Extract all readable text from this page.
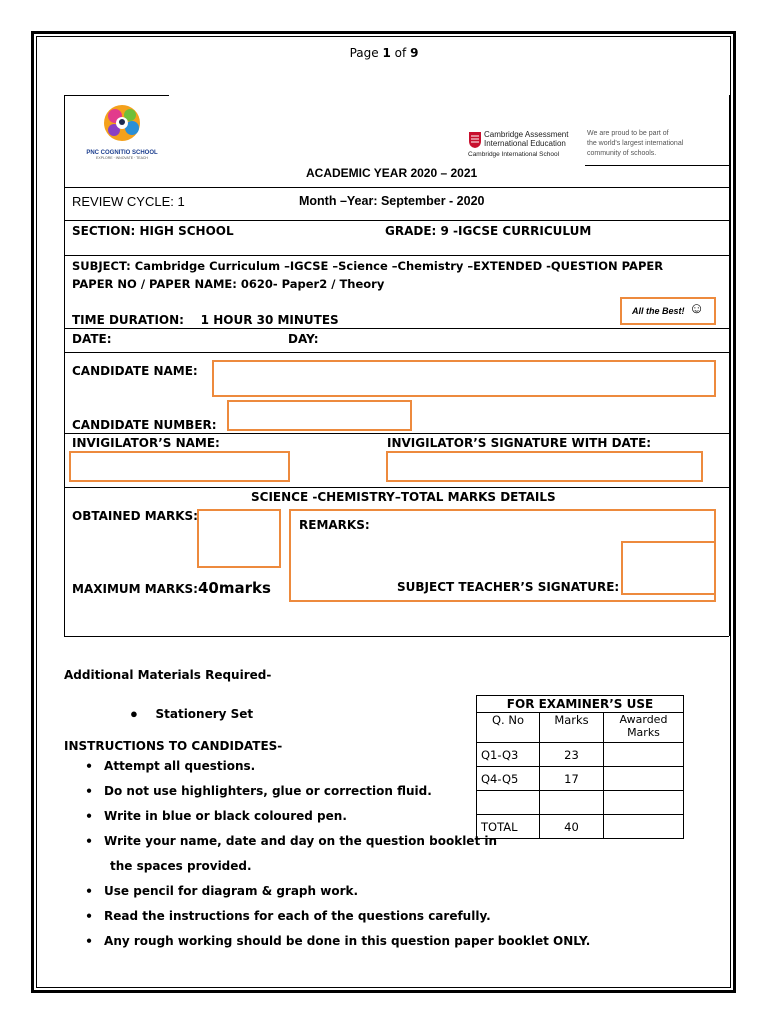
Page 1 of 9
PNC COGNITIO SCHOOL
EXPLORE · INNOVATE · TEACH
Cambridge Assessment
International Education
Cambridge International School
We are proud to be part of
the world's largest international
community of schools.
ACADEMIC YEAR 2020 – 2021
REVIEW CYCLE: 1	Month –Year: September - 2020
SECTION: HIGH SCHOOL	GRADE: 9 -IGCSE CURRICULUM
SUBJECT: Cambridge Curriculum –IGCSE –Science –Chemistry –EXTENDED -QUESTION PAPER
PAPER NO / PAPER NAME: 0620- Paper2 / Theory
TIME DURATION:    1 HOUR 30 MINUTES
All the Best! ☺
DATE:	DAY:
CANDIDATE NAME:
CANDIDATE NUMBER:
INVIGILATOR’S NAME:	INVIGILATOR’S SIGNATURE WITH DATE:
SCIENCE -CHEMISTRY–TOTAL MARKS DETAILS
OBTAINED MARKS:
REMARKS:
MAXIMUM MARKS:40marks	SUBJECT TEACHER’S SIGNATURE:
Additional Materials Required-
● Stationery Set
INSTRUCTIONS TO CANDIDATES-
● Attempt all questions.
● Do not use highlighters, glue or correction fluid.
● Write in blue or black coloured pen.
● Write your name, date and day on the question booklet in
the spaces provided.
● Use pencil for diagram & graph work.
● Read the instructions for each of the questions carefully.
● Any rough working should be done in this question paper booklet ONLY.
FOR EXAMINER’S USE		
Q. No	Marks	Awarded Marks
Q1-Q3	23	
Q4-Q5	17	

TOTAL	40	
